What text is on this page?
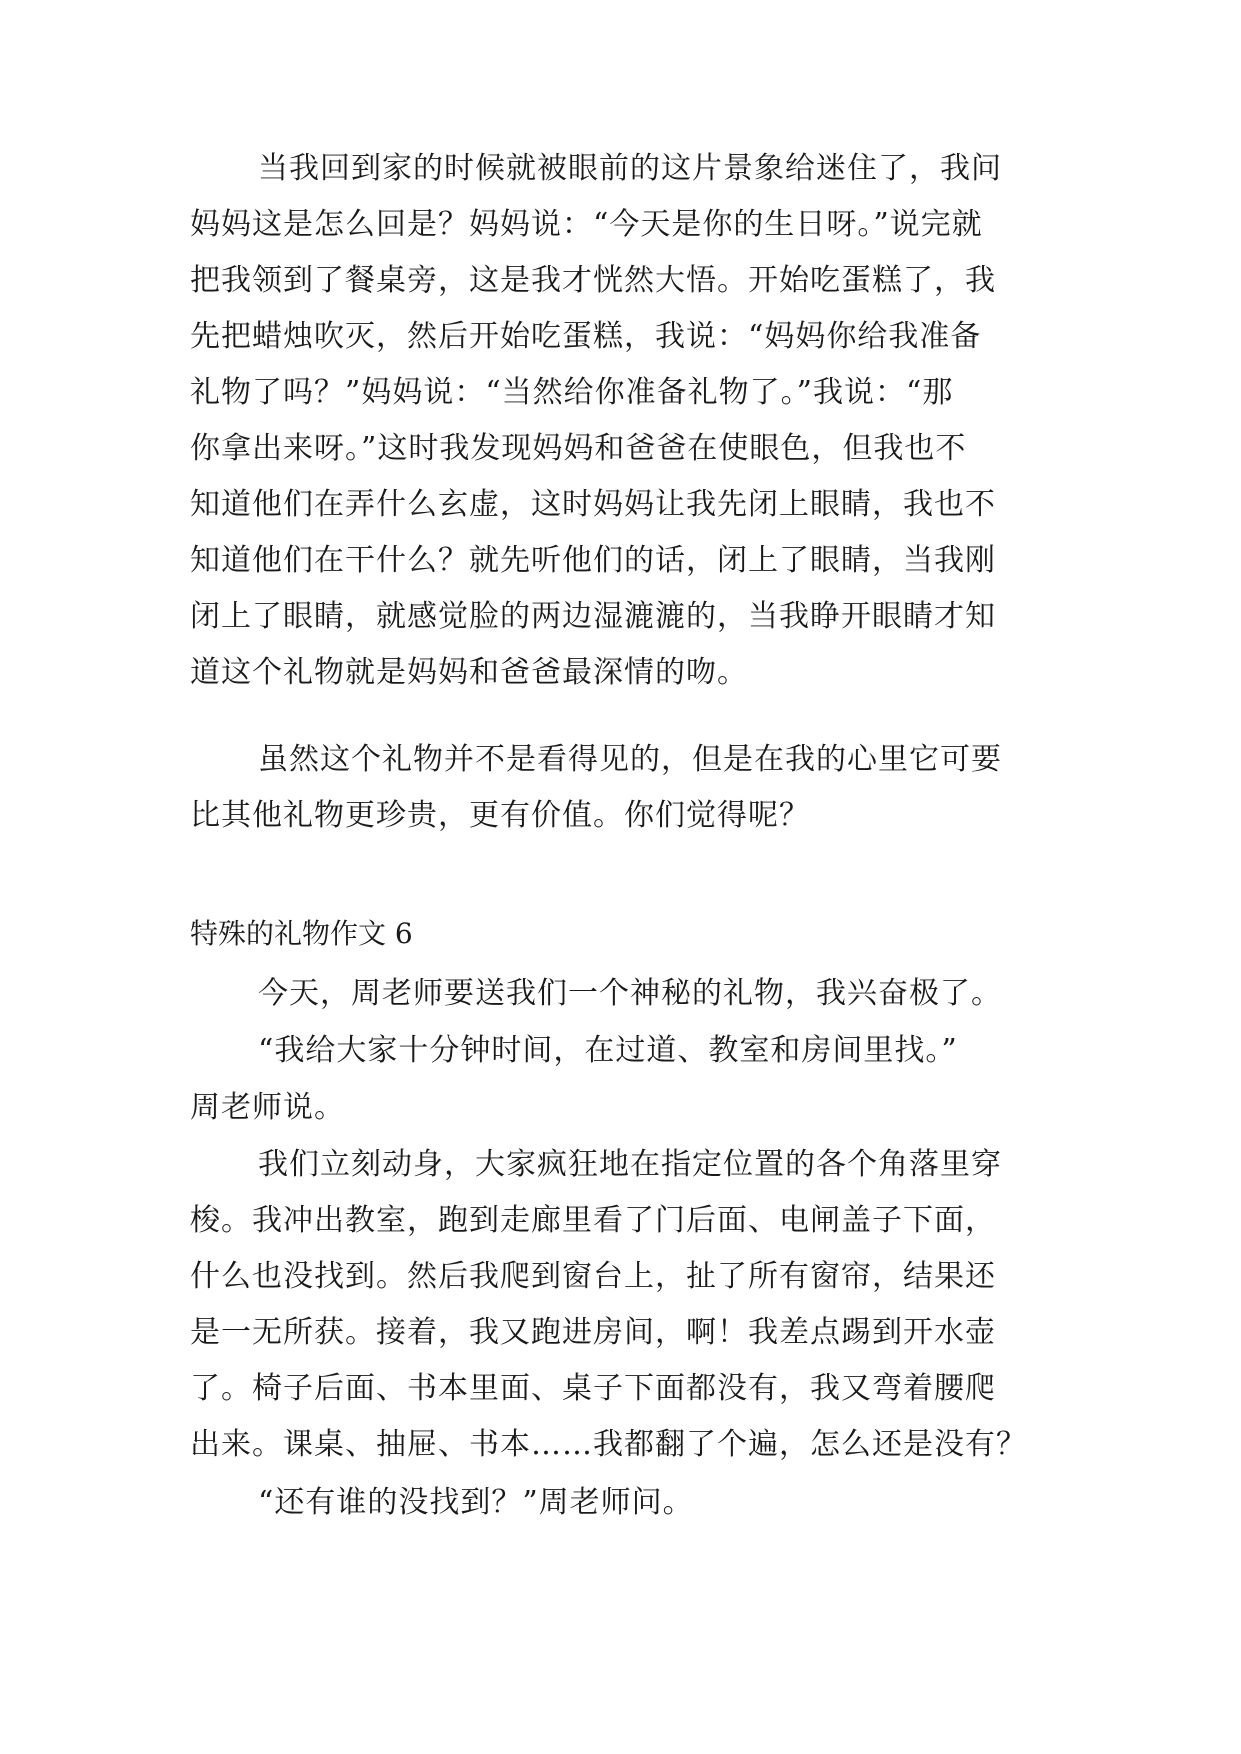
当我回到家的时候就被眼前的这片景象给迷住了，我问
妈妈这是怎么回是？妈妈说：“今天是你的生日呀。”说完就
把我领到了餐桌旁，这是我才恍然大悟。开始吃蛋糕了，我
先把蜡烛吹灭，然后开始吃蛋糕，我说：“妈妈你给我准备
礼物了吗？”妈妈说：“当然给你准备礼物了。”我说：“那
你拿出来呀。”这时我发现妈妈和爸爸在使眼色，但我也不
知道他们在弄什么玄虚，这时妈妈让我先闭上眼睛，我也不
知道他们在干什么？就先听他们的话，闭上了眼睛，当我刚
闭上了眼睛，就感觉脸的两边湿漉漉的，当我睁开眼睛才知
道这个礼物就是妈妈和爸爸最深情的吻。
虽然这个礼物并不是看得见的，但是在我的心里它可要
比其他礼物更珍贵，更有价值。你们觉得呢？
特殊的礼物作文 6
今天，周老师要送我们一个神秘的礼物，我兴奋极了。
“我给大家十分钟时间，在过道、教室和房间里找。”
周老师说。
我们立刻动身，大家疯狂地在指定位置的各个角落里穿
梭。我冲出教室，跑到走廊里看了门后面、电闸盖子下面，
什么也没找到。然后我爬到窗台上，扯了所有窗帘，结果还
是一无所获。接着，我又跑进房间，啊！我差点踢到开水壶
了。椅子后面、书本里面、桌子下面都没有，我又弯着腰爬
出来。课桌、抽屉、书本……我都翻了个遍，怎么还是没有？
“还有谁的没找到？”周老师问。
